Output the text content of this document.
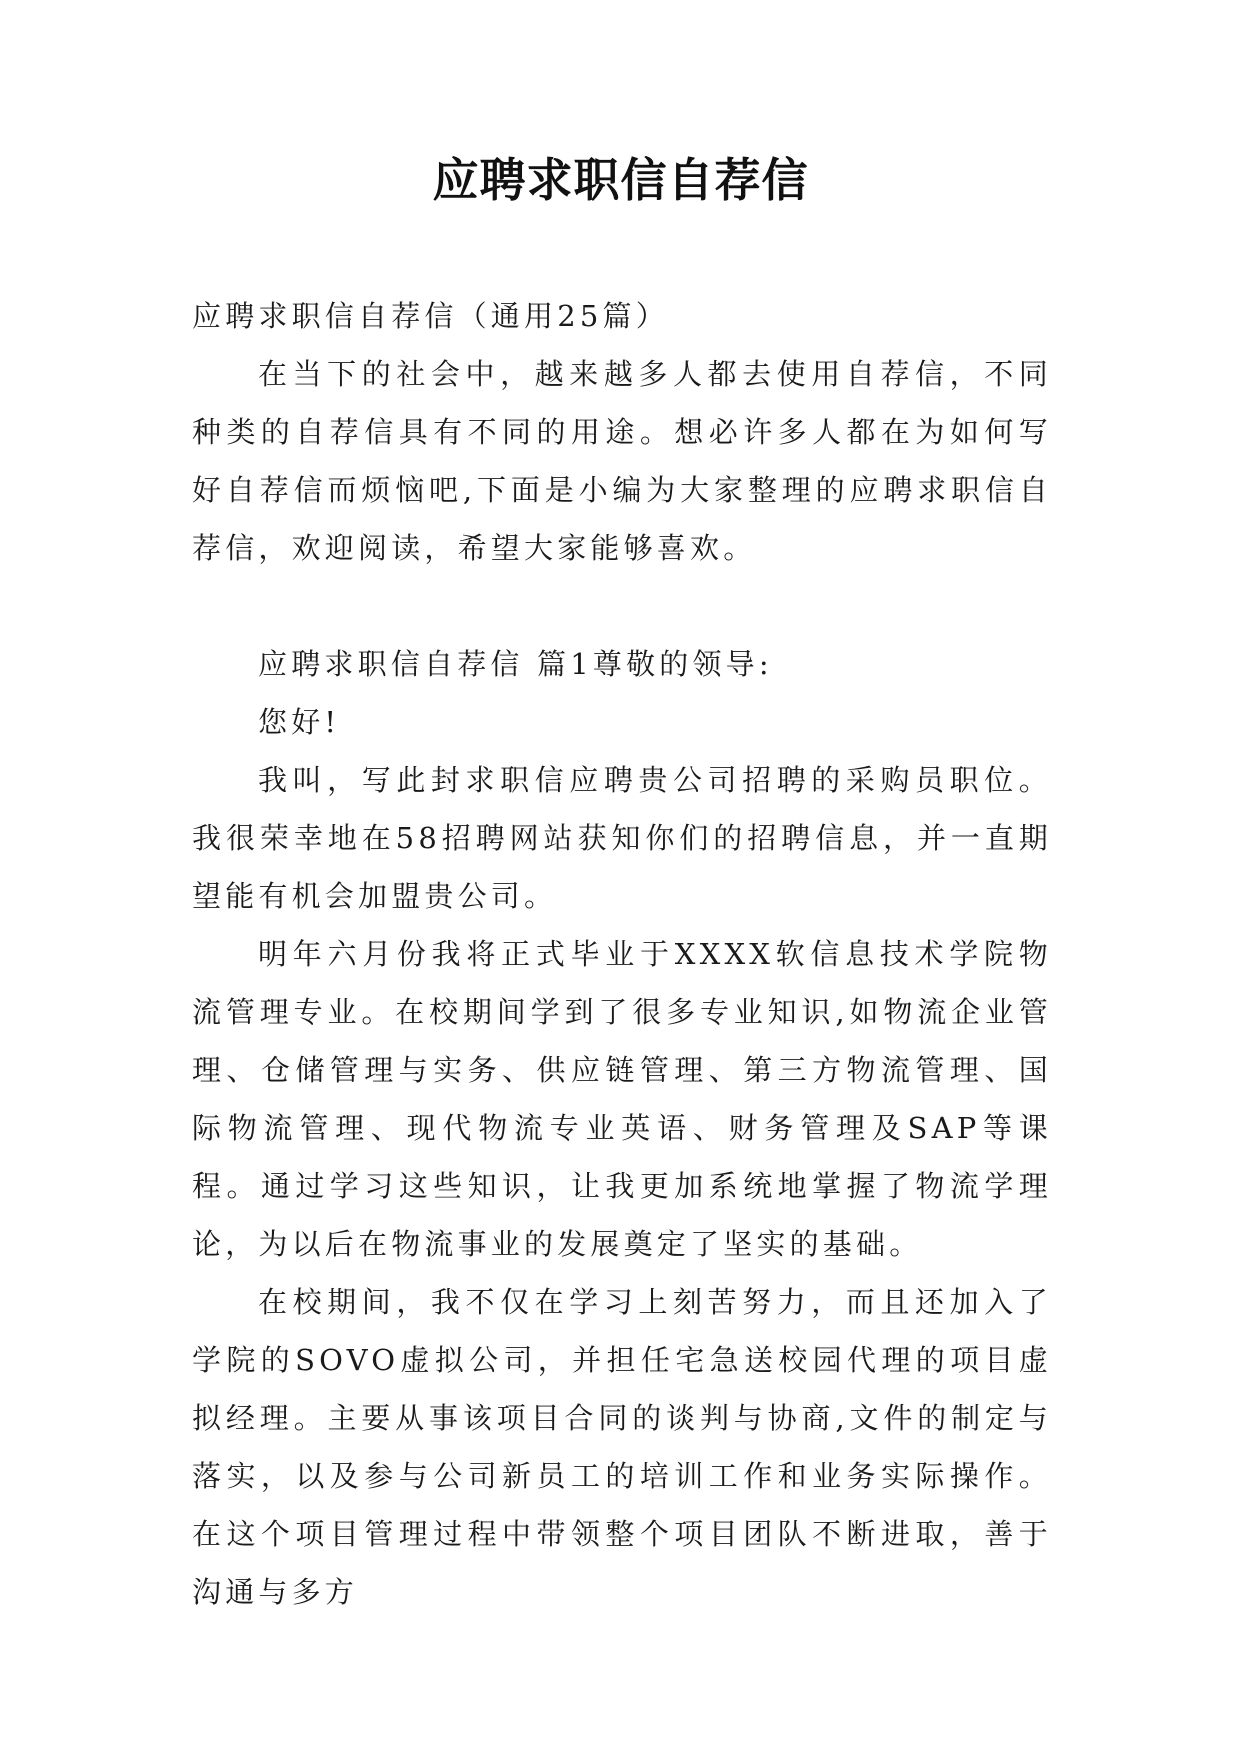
应聘求职信自荐信

应聘求职信自荐信（通用25篇）

在当下的社会中，越来越多人都去使用自荐信，不同种类的自荐信具有不同的用途。想必许多人都在为如何写好自荐信而烦恼吧,下面是小编为大家整理的应聘求职信自荐信，欢迎阅读，希望大家能够喜欢。

应聘求职信自荐信 篇1尊敬的领导:

您好!

我叫，写此封求职信应聘贵公司招聘的采购员职位。我很荣幸地在58招聘网站获知你们的招聘信息，并一直期望能有机会加盟贵公司。

明年六月份我将正式毕业于XXXX软信息技术学院物流管理专业。在校期间学到了很多专业知识,如物流企业管理、仓储管理与实务、供应链管理、第三方物流管理、国际物流管理、现代物流专业英语、财务管理及SAP等课程。通过学习这些知识，让我更加系统地掌握了物流学理论，为以后在物流事业的发展奠定了坚实的基础。

在校期间，我不仅在学习上刻苦努力，而且还加入了学院的SOVO虚拟公司，并担任宅急送校园代理的项目虚拟经理。主要从事该项目合同的谈判与协商,文件的制定与落实，以及参与公司新员工的培训工作和业务实际操作。在这个项目管理过程中带领整个项目团队不断进取，善于沟通与多方
